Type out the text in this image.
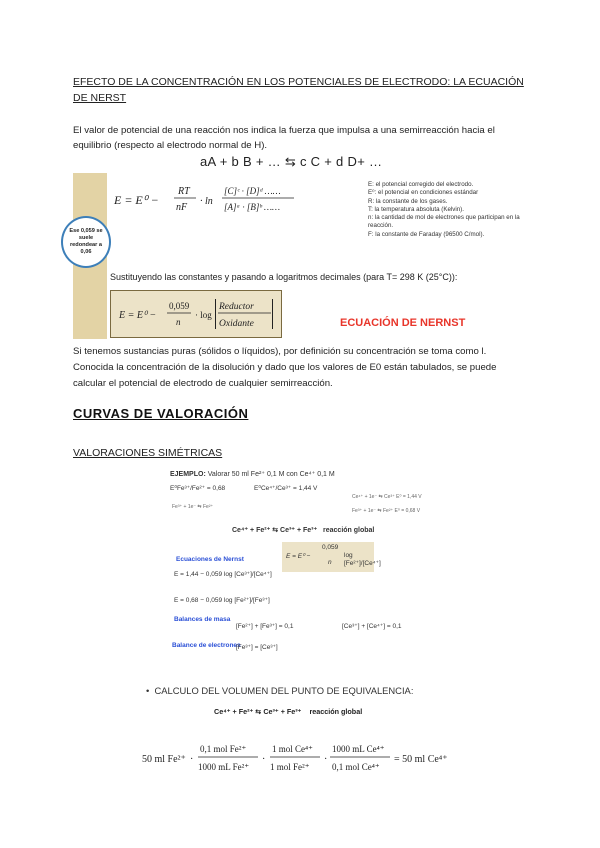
EFECTO DE LA CONCENTRACIÓN EN LOS POTENCIALES DE ELECTRODO: LA ECUACIÓN DE NERST
El valor de potencial de una reacción nos indica la fuerza que impulsa a una semirreacción hacia el
equilibrio (respecto al electrodo normal de H).
aA + b B + … ⇆ c C + d D+ …
E = E⁰ −
RT
nF
· ln
[C]ᶜ · [D]ᵈ ……
[A]ᵃ · [B]ᵇ ……
E: el potencial corregido del electrodo.
E⁰: el potencial en condiciones estándar
R: la constante de los gases.
T: la temperatura absoluta (Kelvin).
n: la cantidad de mol de electrones que participan en la
reacción.
F: la constante de Faraday (96500 C/mol).
Ese 0,059 se suele redondear a 0,06
Sustituyendo las constantes y pasando a logaritmos decimales (para T= 298 K (25°C)):
E = E⁰ −
0,059
n
· log
Reductor
Oxidante	ECUACIÓN DE NERNST
Si tenemos sustancias puras (sólidos o líquidos), por definición su concentración se toma como l.
Conocida la concentración de la disolución y dado que los valores de E0 están tabulados, se puede
calcular el potencial de electrodo de cualquier semirreacción.
CURVAS DE VALORACIÓN
VALORACIONES SIMÉTRICAS
EJEMPLO: Valorar 50 ml Fe²⁺ 0,1 M con Ce⁴⁺ 0,1 M
E⁰Fe³⁺/Fe²⁺ = 0,68	E⁰Ce⁴⁺/Ce³⁺ = 1,44 V
Fe³⁺ + 1e⁻ ⇆ Fe²⁺
Ce⁴⁺ + 1e⁻ ⇆ Ce³⁺ E⁰ = 1,44 V
Fe³⁺ + 1e⁻ ⇆ Fe²⁺ E⁰ = 0,68 V
Ce⁴⁺ + Fe²⁺ ⇆ Ce³⁺ + Fe³⁺ reacción global
E = E⁰ −
0,059
n
log [Fe²⁺]/[Ce⁴⁺]
Ecuaciones de Nernst
E = 1,44 − 0,059 log [Ce³⁺]/[Ce⁴⁺]
E = 0,68 − 0,059 log [Fe²⁺]/[Fe³⁺]
Balances de masa
[Fe²⁺] + [Fe³⁺] = 0,1	[Ce³⁺] + [Ce⁴⁺] = 0,1
Balance de electrones
[Fe³⁺] = [Ce³⁺]
•  CALCULO DEL VOLUMEN DEL PUNTO DE EQUIVALENCIA:
Ce⁴⁺ + Fe²⁺ ⇆ Ce³⁺ + Fe³⁺ reacción global
50 ml Fe²⁺ ·
0,1 mol Fe²⁺
1000 mL Fe²⁺
·
1 mol Ce⁴⁺
1 mol Fe²⁺
·
1000 mL Ce⁴⁺
0,1 mol Ce⁴⁺
= 50 ml Ce⁴⁺
